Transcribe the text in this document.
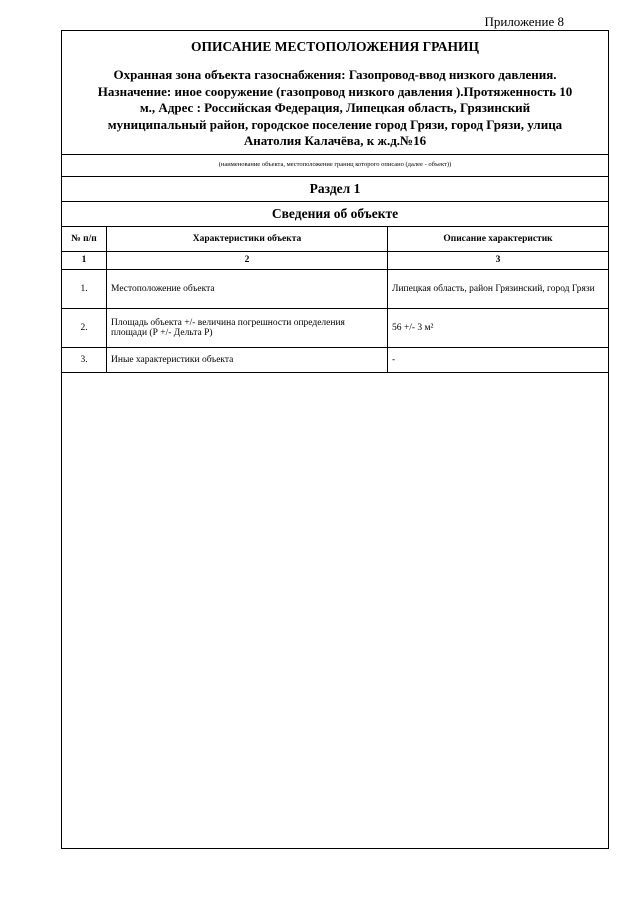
Приложение 8
ОПИСАНИЕ МЕСТОПОЛОЖЕНИЯ ГРАНИЦ
Охранная зона объекта газоснабжения: Газопровод-ввод низкого давления.
Назначение: иное сооружение (газопровод низкого давления ).Протяженность 10
м., Адрес : Российская Федерация, Липецкая область, Грязинский
муниципальный район, городское поселение город Грязи, город Грязи, улица
Анатолия Калачёва, к ж.д.№16
(наименование объекта, местоположение границ которого описано (далее - объект))
Раздел 1
Сведения об объекте
№ п/п	Характеристики объекта	Описание характеристик
1	2	3
1.	Местоположение объекта	Липецкая область, район Грязинский, город Грязи
2.	Площадь объекта +/- величина погрешности определения площади (Р +/- Дельта Р)	56 +/- 3 м²
3.	Иные характеристики объекта	-
